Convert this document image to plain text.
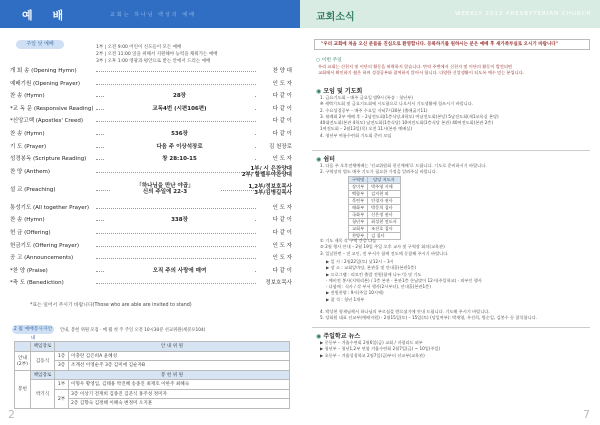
예 배	교회는 하나님 백성의 예배
주일 낮 예배
1부 | 오전 9:00 어린이 신도들이 모든 예배
2부 | 오전 11:00 일을 위해서 지원해야 능력을 채워가는 예배
3부 | 오후 1:00 영광과 평안으로 받는 안에서 드리는 예배
개 회 송 (Opening Hymn)	찬 양 대
예배기원 (Opening Prayer)	인 도 자
찬 송 (Hymn)	28장	다 같 이
*교 독 문 (Responsive Reading)	교독4번 (시편106편)	다 같 이
*신앙고백 (Apostles' Creed)	다 같 이
찬 송 (Hymn)	536장	다 같 이
기 도 (Prayer)	다음 주 이상석장로	김 천장로
성경봉독 (Scripture Reading)	창 28:10-15	인 도 자
찬 양 (Anthem)	1부/ 시 은찬양대
2부/ 할렐루야찬양대
설 교 (Preaching)
「하나님을 만난 야곱」
신의 주일에 22-3
1,2부/정보호목사
3부/김병길목사
통성기도 (All together Prayer)	인 도 자
찬 송 (Hymn)	338장	다 같 이
헌 금 (Offering)	다 같 이
헌금기도 (Offering Prayer)	인 도 자
공 고 (Announcements)	인 도 자
*찬 양 (Praise)	오직 주의 사랑에 매여	다 같 이
*축 도 (Benediction)	정보호목사
*표는 일어서 주시기 바랍니다(Those who are able are invited to stand)
2 월 예배봉사자안내
안내, 봉헌 위원 모집 · 매 월 첫 주 주일 오전 10시30분 선교위원(세분포104)
	책임장로	안 내 위 원	
안내
(2부)	김동식	1층	이충란 김은희A 윤혜성
		3층	조계선 이영순주 3층 김미애 김순자B
봉헌	책임장로	봉 헌 위 원	
	박기식	1부	이형우 황영입, 김태용 박진혜 송종진 최재호 이한주 최혜숙
		2부	3층 이상기 전재희 김종진 김준식 홍주성 정미자
			2층 김향숙 김정혜 이혜숙 변정미 오지훈
2
교회소식	WEEKLY 2012 PRESBYTERIAN CHURCH
"우리 교회에 처음 오신 분들을 진심으로 환영합니다. 등록하기를 원하시는 분은 예배 후 새가족부실로 오시기 바랍니다"
○ 이번 주일
우리 교회는 신천지 및 이단의 활동을 허락하지 않습니다. 만약 주변에서 신천지 및 이단의 활동이 발견되면
교회에서 확인하기 쉽은 하며 성경공부와 참여하지 않아서 합니다. 다양한 신앙생활이 되도록 예수 믿는 분입니다.
◉ 모임 및 기도회
1. 금요기도회 – 매주 금요일 밤9시 (특송 : 청년부)
※ 새벽기도회 및 금요기도회에 시도함으로 나오셔서 기도생활에 힘쓰시기 바랍니다.
2. 수요성경공부 – 매주 수요일 저녁7시30분 (출애굽기11)
3. 월례회 2부 예배 후 – 2남전도회(1층식당,4학모) 여남전도회(본당) 5남전도회(제1교육실 본당)
40대전도회(본관 4학모) 남전도회(1층식당) 10여전도회(1층식당 본관) 40여전도회(본관 2층)
1여전도회 – 2월13일(목) 오전 11시(본관 예배실)
4. 청년부 여름수련회 기도회 준비 모임
◉ 쉼터
1. 다음 주 오후전체예배는 '선교위원회 헌신예배'로 드립니다. 기도로 준비하시기 바랍니다.
2. 구역장의 별도 매주 기도가 필요한 가정을 알려주실 바랍니다.
구역명	담당 지도자
장미부	박주영 시애
백합부	김지현 외
목련부	안경자 권사
매화부	박문희 집사
국화부	신은정 권사
청년부	최성현 전도사
교회부	조진호 집사
찬양부	김 집사
① 기도 제목 각 구역 간증 나눔
② 2월 행사 안내 – 2월 19일 주일 오후 교사 및 구역장 회의(교육관)
3. 일날한번 – 전 교인, 전 부서가 함께 전도에 동참해 주시기 바랍니다.
▶ 일 시 : 2월22일(토) 낮12시 – 3시
▶ 장 소 : 교회앞마당, 본관홀 및 안내홀(본관1층)
▶ 프로그램 : 리모컨 출발 전원(함께 나누기) 및 기도
· 예비전 봉사(지역리본) / 1층 본관 · 본관1층 손님맞이 12시(주일학교) · 외부인 행사
· 다함께 : 식사 / 각 부서 행사(2시부터), 안내홀(본관1층)
▶ 전원찬양 : 9시(주일 10시에)
▶ 참 석 : 청년 1개부
4. 박상현 형제님께서 하나님의 부르심을 받으셨기에 안내 드립니다. 기도해 주시기 바랍니다.
5. 당회원 대표 선교부(예배지원) · 2월15일(토) – 15일(토) (당일여부): 박재영, 우진희, 방순일, 김봉수 등 참석합니다.
◉ 주일학교 뉴스
▶ 중등부 – 겨울수련회 2월6일(금) 교회 / 지평리드 외부
▶ 청년부 – 청년1,2부 연합 겨울수련회 2월7일(금) ~ 10일(주일)
▶ 초등부 – 겨울성경학교 2월7일(금)부터 선교부(교육관)
7
